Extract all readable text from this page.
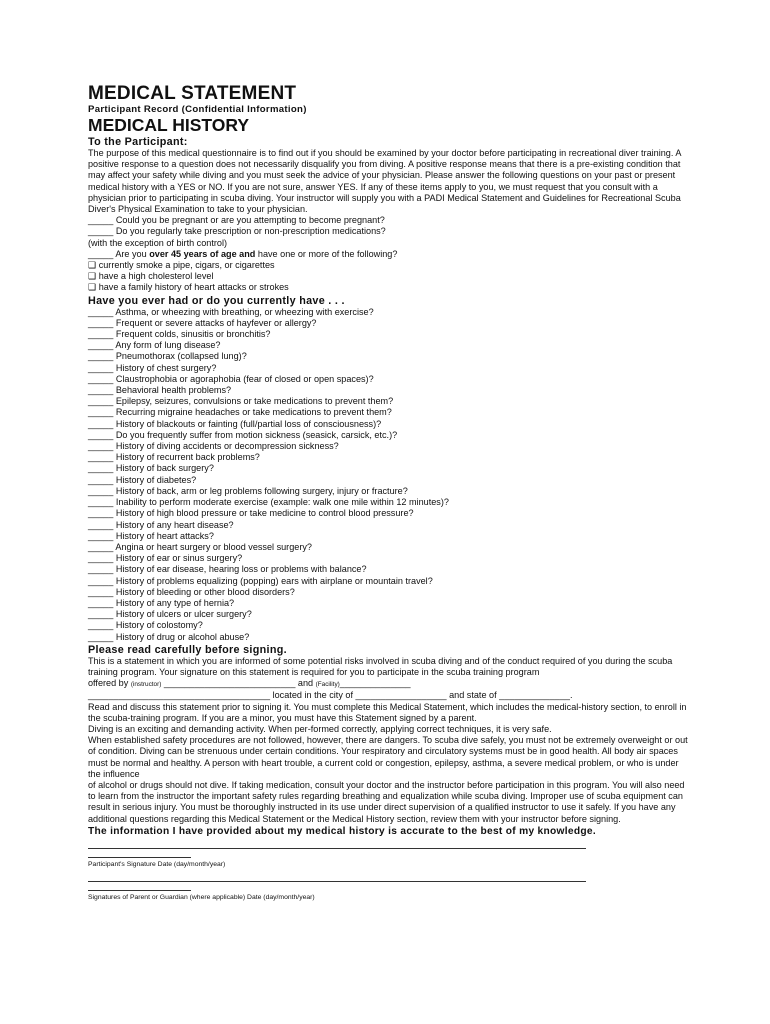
MEDICAL STATEMENT

Participant Record (Confidential Information)

MEDICAL HISTORY

To the Participant:

The purpose of this medical questionnaire is to find out if you should be examined by your doctor before participating in recreational diver training. A positive response to a question does not necessarily disqualify you from diving. A positive response means that there is a pre-existing condition that may affect your safety while diving and you must seek the advice of your physician. Please answer the following questions on your past or present medical history with a YES or NO. If you are not sure, answer YES. If any of these items apply to you, we must request that you consult with a physician prior to participating in scuba diving. Your instructor will supply you with a PADI Medical Statement and Guidelines for Recreational Scuba Diver's Physical Examination to take to your physician.

_____ Could you be pregnant or are you attempting to become pregnant?
_____ Do you regularly take prescription or non-prescription medications?
(with the exception of birth control)
_____ Are you over 45 years of age and have one or more of the following?
❑ currently smoke a pipe, cigars, or cigarettes
❑ have a high cholesterol level
❑ have a family history of heart attacks or strokes

Have you ever had or do you currently have . . .

_____ Asthma, or wheezing with breathing, or wheezing with exercise?
_____ Frequent or severe attacks of hayfever or allergy?
_____ Frequent colds, sinusitis or bronchitis?
_____ Any form of lung disease?
_____ Pneumothorax (collapsed lung)?
_____ History of chest surgery?
_____ Claustrophobia or agoraphobia (fear of closed or open spaces)?
_____ Behavioral health problems?
_____ Epilepsy, seizures, convulsions or take medications to prevent them?
_____ Recurring migraine headaches or take medications to prevent them?
_____ History of blackouts or fainting (full/partial loss of consciousness)?
_____ Do you frequently suffer from motion sickness (seasick, carsick, etc.)?
_____ History of diving accidents or decompression sickness?
_____ History of recurrent back problems?
_____ History of back surgery?
_____ History of diabetes?
_____ History of back, arm or leg problems following surgery, injury or fracture?
_____ Inability to perform moderate exercise (example: walk one mile within 12 minutes)?
_____ History of high blood pressure or take medicine to control blood pressure?
_____ History of any heart disease?
_____ History of heart attacks?
_____ Angina or heart surgery or blood vessel surgery?
_____ History of ear or sinus surgery?
_____ History of ear disease, hearing loss or problems with balance?
_____ History of problems equalizing (popping) ears with airplane or mountain travel?
_____ History of bleeding or other blood disorders?
_____ History of any type of hernia?
_____ History of ulcers or ulcer surgery?
_____ History of colostomy?
_____ History of drug or alcohol abuse?

Please read carefully before signing.

This is a statement in which you are informed of some potential risks involved in scuba diving and of the conduct required of you during the scuba training program. Your signature on this statement is required for you to participate in the scuba training program

offered by (instructor) __________________________ and (Facility)______________
____________________________________ located in the city of __________________ and state of ______________.

Read and discuss this statement prior to signing it. You must complete this Medical Statement, which includes the medical-history section, to enroll in the scuba-training program. If you are a minor, you must have this Statement signed by a parent.

Diving is an exciting and demanding activity. When per-formed correctly, applying correct techniques, it is very safe.

When established safety procedures are not followed, however, there are dangers. To scuba dive safely, you must not be extremely overweight or out of condition. Diving can be strenuous under certain conditions. Your respiratory and circulatory systems must be in good health. All body air spaces must be normal and healthy. A person with heart trouble, a current cold or congestion, epilepsy, asthma, a severe medical problem, or who is under the influence

of alcohol or drugs should not dive. If taking medication, consult your doctor and the instructor before participation in this program. You will also need to learn from the instructor the important safety rules regarding breathing and equalization while scuba diving. Improper use of scuba equipment can result in serious injury. You must be thoroughly instructed in its use under direct supervision of a qualified instructor to use it safely. If you have any additional questions regarding this Medical Statement or the Medical History section, review them with your instructor before signing.

The information I have provided about my medical history is accurate to the best of my knowledge.

Participant's Signature Date (day/month/year)
Signatures of Parent or Guardian (where applicable) Date (day/month/year)
